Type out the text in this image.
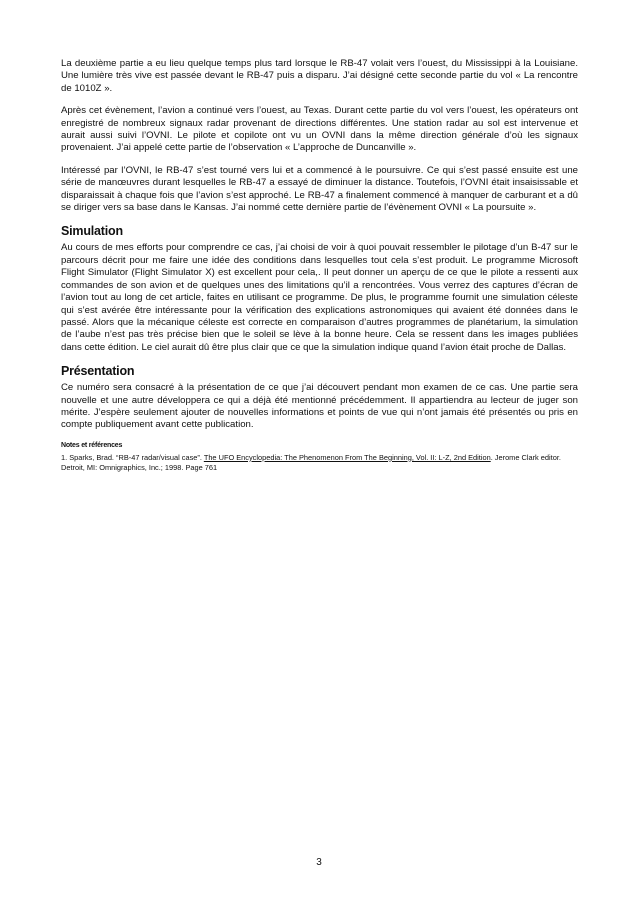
La deuxième partie a eu lieu quelque temps plus tard lorsque le RB-47 volait vers l’ouest, du Mississippi à la Louisiane. Une lumière très vive est passée devant le RB-47 puis a disparu. J’ai désigné cette seconde partie du vol « La rencontre de 1010Z ».

Après cet évènement, l’avion a continué vers l’ouest, au Texas. Durant cette partie du vol vers l’ouest, les opérateurs ont enregistré de nombreux signaux radar provenant de directions différentes. Une station radar au sol est intervenue et aurait aussi suivi l’OVNI. Le pilote et copilote ont vu un OVNI dans la même direction générale d’où les signaux provenaient. J’ai appelé cette partie de l’observation « L’approche de Duncanville ».

Intéressé par l’OVNI, le RB-47 s’est tourné vers lui et a commencé à le poursuivre. Ce qui s’est passé ensuite est une série de manœuvres durant lesquelles le RB-47 a essayé de diminuer la distance. Toutefois, l’OVNI était insaisissable et disparaissait à chaque fois que l’avion s’est approché. Le RB-47 a finalement commencé à manquer de carburant et a dû se diriger vers sa base dans le Kansas. J’ai nommé cette dernière partie de l’évènement OVNI « La poursuite ».

Simulation

Au cours de mes efforts pour comprendre ce cas, j’ai choisi de voir à quoi pouvait ressembler le pilotage d’un B-47 sur le parcours décrit pour me faire une idée des conditions dans lesquelles tout cela s’est produit. Le programme Microsoft Flight Simulator (Flight Simulator X) est excellent pour cela,. Il peut donner un aperçu de ce que le pilote a ressenti aux commandes de son avion et de quelques unes des limitations qu’il a rencontrées. Vous verrez des captures d’écran de l’avion tout au long de cet article, faites en utilisant ce programme. De plus, le programme fournit une simulation céleste qui s’est avérée être intéressante pour la vérification des explications astronomiques qui avaient été données dans le passé. Alors que la mécanique céleste est correcte en comparaison d’autres programmes de planétarium, la simulation de l’aube n’est pas très précise bien que le soleil se lève à la bonne heure. Cela se ressent dans les images publiées dans cette édition. Le ciel aurait dû être plus clair que ce que la simulation indique quand l’avion était proche de Dallas.

Présentation

Ce numéro sera consacré à la présentation de ce que j’ai découvert pendant mon examen de ce cas. Une partie sera nouvelle et une autre développera ce qui a déjà été mentionné précédemment. Il appartiendra au lecteur de juger son mérite. J’espère seulement ajouter de nouvelles informations et points de vue qui n’ont jamais été présentés ou pris en compte publiquement avant cette publication.

Notes et références

1. Sparks, Brad. “RB-47 radar/visual case”. The UFO Encyclopedia: The Phenomenon From The Beginning, Vol. II: L-Z, 2nd Edition. Jerome Clark editor. Detroit, MI: Omnigraphics, Inc.; 1998. Page 761

3
